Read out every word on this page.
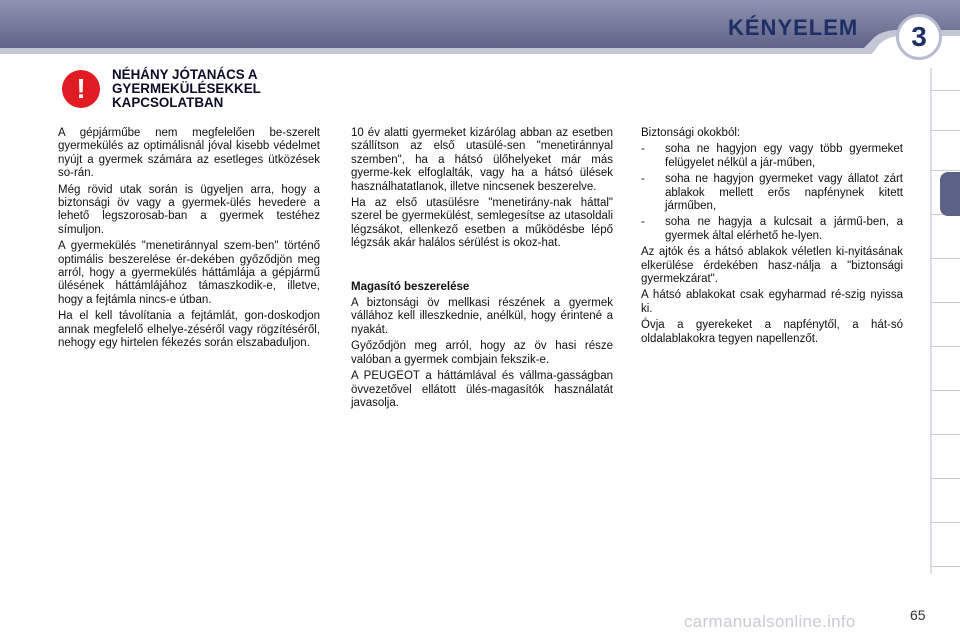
KÉNYELEM	3
!	NÉHÁNY JÓTANÁCS A GYERMEKÜLÉSEKKEL KAPCSOLATBAN

A gépjárműbe nem megfelelően be-szerelt gyermekülés az optimálisnál jóval kisebb védelmet nyújt a gyermek számára az esetleges ütközések so-rán.

Még rövid utak során is ügyeljen arra, hogy a biztonsági öv vagy a gyermek-ülés hevedere a lehető legszorosab-ban a gyermek testéhez símuljon.

A gyermekülés "menetiránnyal szem-ben" történő optimális beszerelése ér-dekében győződjön meg arról, hogy a gyermekülés háttámlája a gépjármű ülésének háttámlájához támaszkodik-e, illetve, hogy a fejtámla nincs-e útban.

Ha el kell távolítania a fejtámlát, gon-doskodjon annak megfelelő elhelye-zéséről vagy rögzítéséről, nehogy egy hirtelen fékezés során elszabaduljon.

10 év alatti gyermeket kizárólag abban az esetben szállítson az első utasülé-sen "menetiránnyal szemben", ha a hátsó ülőhelyeket már más gyerme-kek elfoglalták, vagy ha a hátsó ülések használhatatlanok, illetve nincsenek beszerelve.

Ha az első utasülésre "menetirány-nak háttal" szerel be gyermekülést, semlegesítse az utasoldali légzsákot, ellenkező esetben a működésbe lépő légzsák akár halálos sérülést is okoz-hat.

Magasító beszerelése

A biztonsági öv mellkasi részének a gyermek vállához kell illeszkednie, anélkül, hogy érintené a nyakát.

Győződjön meg arról, hogy az öv hasi része valóban a gyermek combjain fekszik-e.

A PEUGEOT a háttámlával és vállma-gasságban övvezetővel ellátott ülés-magasítók használatát javasolja.

Biztonsági okokból:

-	soha ne hagyjon egy vagy több gyermeket felügyelet nélkül a jár-műben,
-	soha ne hagyjon gyermeket vagy állatot zárt ablakok mellett erős napfénynek kitett járműben,
-	soha ne hagyja a kulcsait a jármű-ben, a gyermek által elérhető he-lyen.

Az ajtók és a hátsó ablakok véletlen ki-nyitásának elkerülése érdekében hasz-nálja a "biztonsági gyermekzárat".

A hátsó ablakokat csak egyharmad ré-szig nyissa ki.

Óvja a gyerekeket a napfénytől, a hát-só oldalablakokra tegyen napellenzőt.

carmanualsonline.info	65
